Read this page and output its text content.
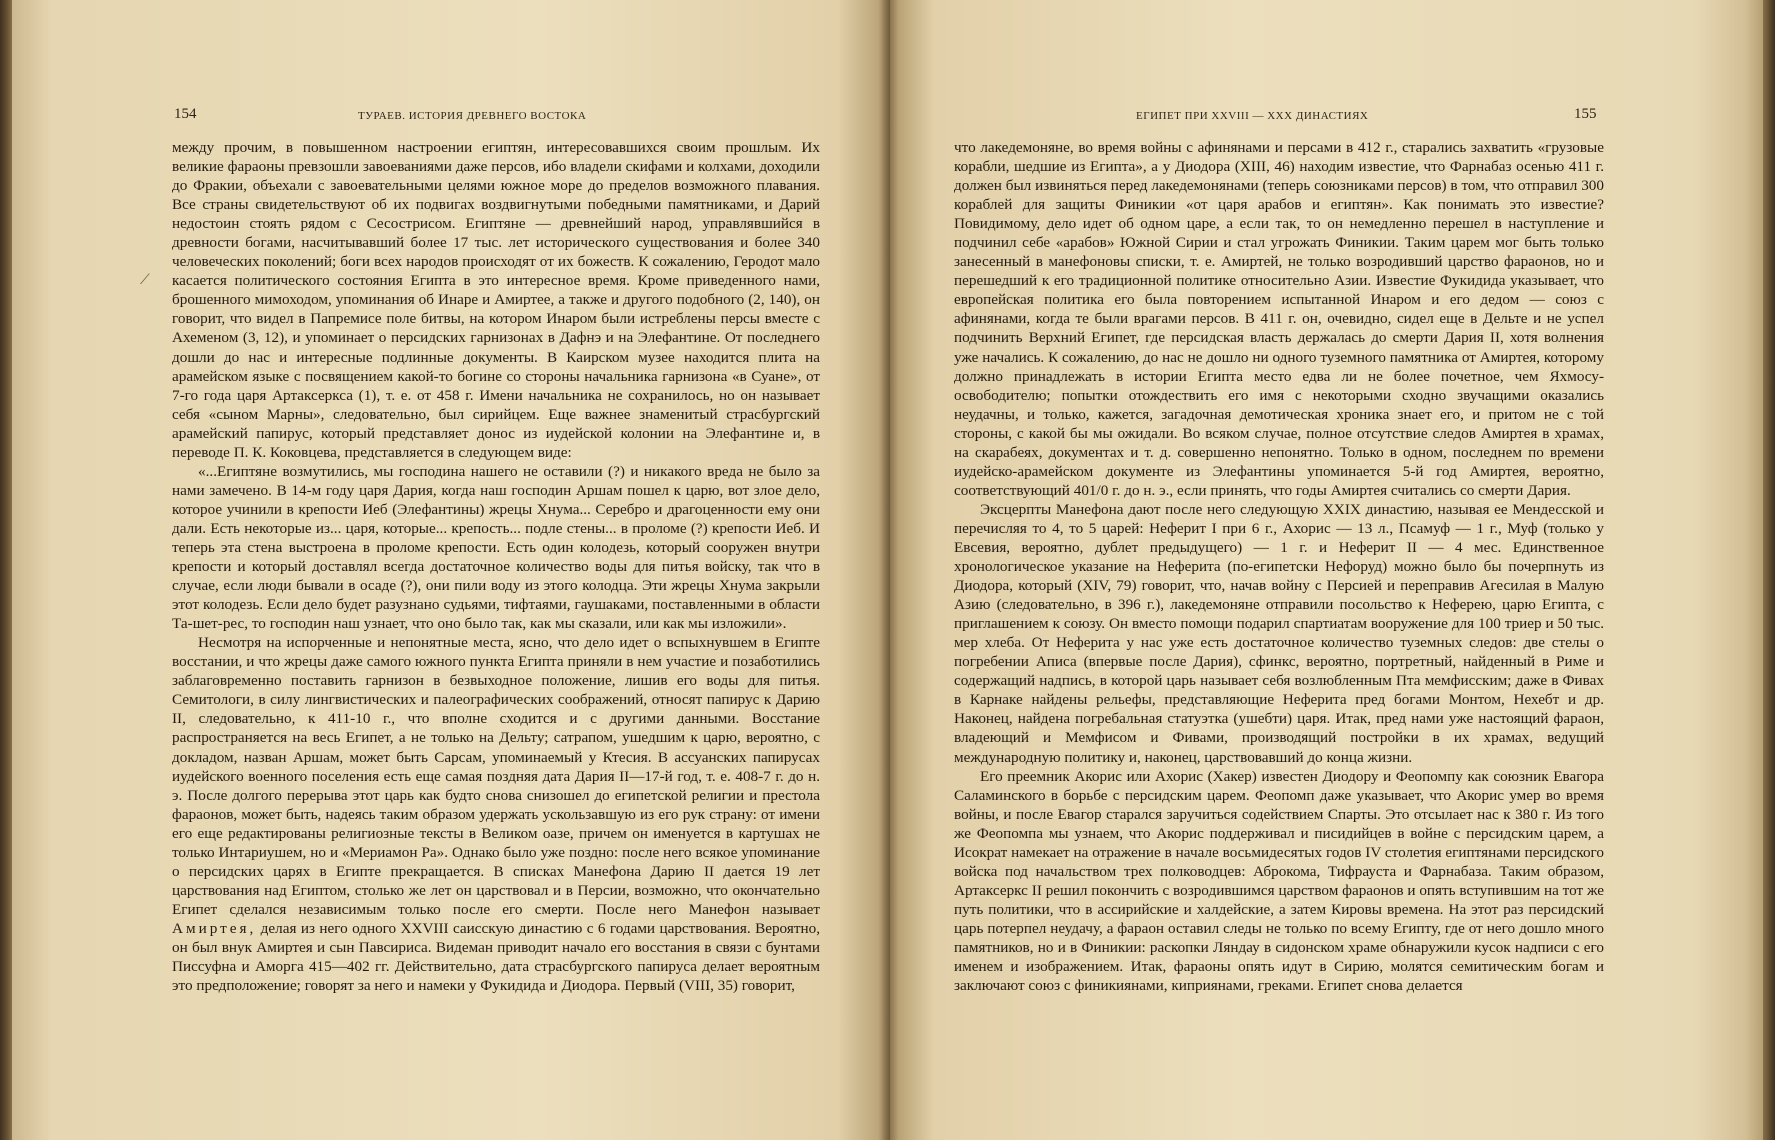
154	ТУРАЕВ. ИСТОРИЯ ДРЕВНЕГО ВОСТОКА
⟋

между прочим, в повышенном настроении египтян, интересовавшихся своим прошлым. Их великие фараоны превзошли завоеваниями даже персов, ибо владели скифами и колхами, доходили до Фракии, объехали с завоевательными целями южное море до пределов возможного плавания. Все страны свидетельствуют об их подвигах воздвигнутыми победными памятниками, и Дарий недостоин стоять рядом с Сесострисом. Египтяне — древнейший народ, управлявшийся в древности богами, насчитывавший более 17 тыс. лет исторического существования и более 340 человеческих поколений; боги всех народов происходят от их божеств. К сожалению, Геродот мало касается политического состояния Египта в это интересное время. Кроме приведенного нами, брошенного мимоходом, упоминания об Инаре и Амиртее, а также и другого подобного (2, 140), он говорит, что видел в Папремисе поле битвы, на котором Инаром были истреблены персы вместе с Ахеменом (3, 12), и упоминает о персидских гарнизонах в Дафнэ и на Элефантине. От последнего дошли до нас и интересные подлинные документы. В Каирском музее находится плита на арамейском языке с посвящением какой-то богине со стороны начальника гарнизона «в Суане», от 7-го года царя Артаксеркса (1), т. е. от 458 г. Имени начальника не сохранилось, но он называет себя «сыном Марны», следовательно, был сирийцем. Еще важнее знаменитый страсбургский арамейский папирус, который представляет донос из иудейской колонии на Элефантине и, в переводе П. К. Коковцева, представляется в следующем виде:

«...Египтяне возмутились, мы господина нашего не оставили (?) и никакого вреда не было за нами замечено. В 14-м году царя Дария, когда наш господин Аршам пошел к царю, вот злое дело, которое учинили в крепости Иеб (Элефантины) жрецы Хнума... Серебро и драгоценности ему они дали. Есть некоторые из... царя, которые... крепость... подле стены... в проломе (?) крепости Иеб. И теперь эта стена выстроена в проломе крепости. Есть один колодезь, который сооружен внутри крепости и который доставлял всегда достаточное количество воды для питья войску, так что в случае, если люди бывали в осаде (?), они пили воду из этого колодца. Эти жрецы Хнума закрыли этот колодезь. Если дело будет разузнано судьями, тифтаями, гаушаками, поставленными в области Та-шет-рес, то господин наш узнает, что оно было так, как мы сказали, или как мы изложили».

Несмотря на испорченные и непонятные места, ясно, что дело идет о вспыхнувшем в Египте восстании, и что жрецы даже самого южного пункта Египта приняли в нем участие и позаботились заблаговременно поставить гарнизон в безвыходное положение, лишив его воды для питья. Семитологи, в силу лингвистических и палеографических соображений, относят папирус к Дарию II, следовательно, к 411-10 г., что вполне сходится и с другими данными. Восстание распространяется на весь Египет, а не только на Дельту; сатрапом, ушедшим к царю, вероятно, с докладом, назван Аршам, может быть Сарсам, упоминаемый у Ктесия. В ассуанских папирусах иудейского военного поселения есть еще самая поздняя дата Дария II—17-й год, т. е. 408-7 г. до н. э. После долгого перерыва этот царь как будто снова снизошел до египетской религии и престола фараонов, может быть, надеясь таким образом удержать ускользавшую из его рук страну: от имени его еще редактированы религиозные тексты в Великом оазе, причем он именуется в картушах не только Интариушем, но и «Мериамон Ра». Однако было уже поздно: после него всякое упоминание о персидских царях в Египте прекращается. В списках Манефона Дарию II дается 19 лет царствования над Египтом, столько же лет он царствовал и в Персии, возможно, что окончательно Египет сделался независимым только после его смерти. После него Манефон называет Амиртея, делая из него одного XXVIII саисскую династию с 6 годами царствования. Вероятно, он был внук Амиртея и сын Павсириса. Видеман приводит начало его восстания в связи с бунтами Писсуфна и Аморга 415—402 гг. Действительно, дата страсбургского папируса делает вероятным это предположение; говорят за него и намеки у Фукидида и Диодора. Первый (VIII, 35) говорит,

ЕГИПЕТ ПРИ XXVIII — XXX ДИНАСТИЯХ	155

что лакедемоняне, во время войны с афинянами и персами в 412 г., старались захватить «грузовые корабли, шедшие из Египта», а у Диодора (XIII, 46) находим известие, что Фарнабаз осенью 411 г. должен был извиняться перед лакедемонянами (теперь союзниками персов) в том, что отправил 300 кораблей для защиты Финикии «от царя арабов и египтян». Как понимать это известие? Повидимому, дело идет об одном царе, а если так, то он немедленно перешел в наступление и подчинил себе «арабов» Южной Сирии и стал угрожать Финикии. Таким царем мог быть только занесенный в манефоновы списки, т. е. Амиртей, не только возродивший царство фараонов, но и перешедший к его традиционной политике относительно Азии. Известие Фукидида указывает, что европейская политика его была повторением испытанной Инаром и его дедом — союз с афинянами, когда те были врагами персов. В 411 г. он, очевидно, сидел еще в Дельте и не успел подчинить Верхний Египет, где персидская власть держалась до смерти Дария II, хотя волнения уже начались. К сожалению, до нас не дошло ни одного туземного памятника от Амиртея, которому должно принадлежать в истории Египта место едва ли не более почетное, чем Яхмосу-освободителю; попытки отождествить его имя с некоторыми сходно звучащими оказались неудачны, и только, кажется, загадочная демотическая хроника знает его, и притом не с той стороны, с какой бы мы ожидали. Во всяком случае, полное отсутствие следов Амиртея в храмах, на скарабеях, документах и т. д. совершенно непонятно. Только в одном, последнем по времени иудейско-арамейском документе из Элефантины упоминается 5-й год Амиртея, вероятно, соответствующий 401/0 г. до н. э., если принять, что годы Амиртея считались со смерти Дария.

Эксцерпты Манефона дают после него следующую XXIX династию, называя ее Мендесской и перечисляя то 4, то 5 царей: Неферит I при 6 г., Ахорис — 13 л., Псамуф — 1 г., Муф (только у Евсевия, вероятно, дублет предыдущего) — 1 г. и Неферит II — 4 мес. Единственное хронологическое указание на Неферита (по-египетски Нефоруд) можно было бы почерпнуть из Диодора, который (XIV, 79) говорит, что, начав войну с Персией и переправив Агесилая в Малую Азию (следовательно, в 396 г.), лакедемоняне отправили посольство к Неферею, царю Египта, с приглашением к союзу. Он вместо помощи подарил спартиатам вооружение для 100 триер и 50 тыс. мер хлеба. От Неферита у нас уже есть достаточное количество туземных следов: две стелы о погребении Аписа (впервые после Дария), сфинкс, вероятно, портретный, найденный в Риме и содержащий надпись, в которой царь называет себя возлюбленным Пта мемфисским; даже в Фивах в Карнаке найдены рельефы, представляющие Неферита пред богами Монтом, Нехебт и др. Наконец, найдена погребальная статуэтка (ушебти) царя. Итак, пред нами уже настоящий фараон, владеющий и Мемфисом и Фивами, производящий постройки в их храмах, ведущий международную политику и, наконец, царствовавший до конца жизни.

Его преемник Акорис или Ахорис (Хакер) известен Диодору и Феопомпу как союзник Евагора Саламинского в борьбе с персидским царем. Феопомп даже указывает, что Акорис умер во время войны, и после Евагор старался заручиться содействием Спарты. Это отсылает нас к 380 г. Из того же Феопомпа мы узнаем, что Акорис поддерживал и писидийцев в войне с персидским царем, а Исократ намекает на отражение в начале восьмидесятых годов IV столетия египтянами персидского войска под начальством трех полководцев: Аброкома, Тифрауста и Фарнабаза. Таким образом, Артаксеркс II решил покончить с возродившимся царством фараонов и опять вступившим на тот же путь политики, что в ассирийские и халдейские, а затем Кировы времена. На этот раз персидский царь потерпел неудачу, а фараон оставил следы не только по всему Египту, где от него дошло много памятников, но и в Финикии: раскопки Ляндау в сидонском храме обнаружили кусок надписи с его именем и изображением. Итак, фараоны опять идут в Сирию, молятся семитическим богам и заключают союз с финикиянами, киприянами, греками. Египет снова делается
